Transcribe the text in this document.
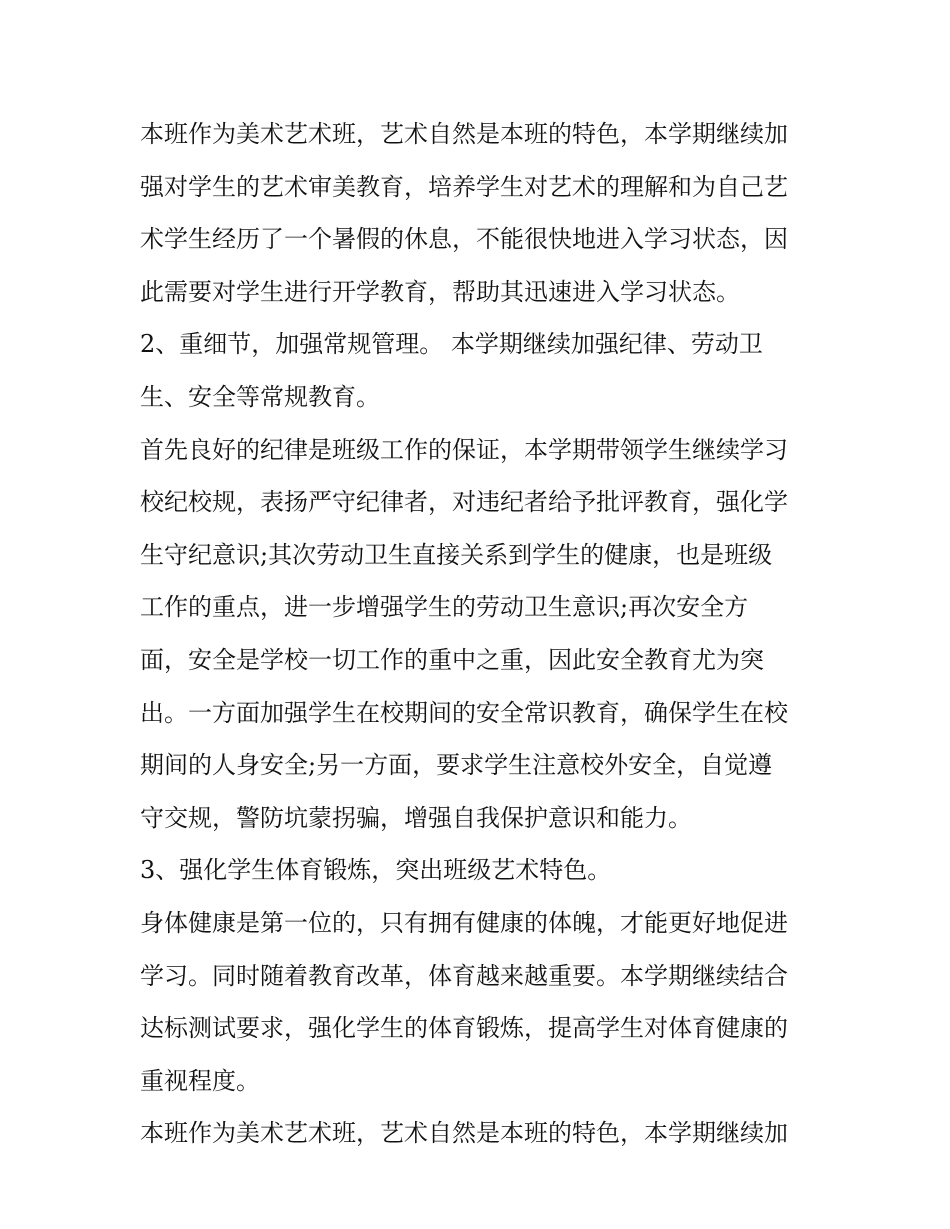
本班作为美术艺术班，艺术自然是本班的特色，本学期继续加
强对学生的艺术审美教育，培养学生对艺术的理解和为自己艺
术学生经历了一个暑假的休息，不能很快地进入学习状态，因
此需要对学生进行开学教育，帮助其迅速进入学习状态。
2、重细节，加强常规管理。 本学期继续加强纪律、劳动卫
生、安全等常规教育。
首先良好的纪律是班级工作的保证，本学期带领学生继续学习
校纪校规，表扬严守纪律者，对违纪者给予批评教育，强化学
生守纪意识;其次劳动卫生直接关系到学生的健康，也是班级
工作的重点，进一步增强学生的劳动卫生意识;再次安全方
面，安全是学校一切工作的重中之重，因此安全教育尤为突
出。一方面加强学生在校期间的安全常识教育，确保学生在校
期间的人身安全;另一方面，要求学生注意校外安全，自觉遵
守交规，警防坑蒙拐骗，增强自我保护意识和能力。
3、强化学生体育锻炼，突出班级艺术特色。
身体健康是第一位的，只有拥有健康的体魄，才能更好地促进
学习。同时随着教育改革，体育越来越重要。本学期继续结合
达标测试要求，强化学生的体育锻炼，提高学生对体育健康的
重视程度。
本班作为美术艺术班，艺术自然是本班的特色，本学期继续加
